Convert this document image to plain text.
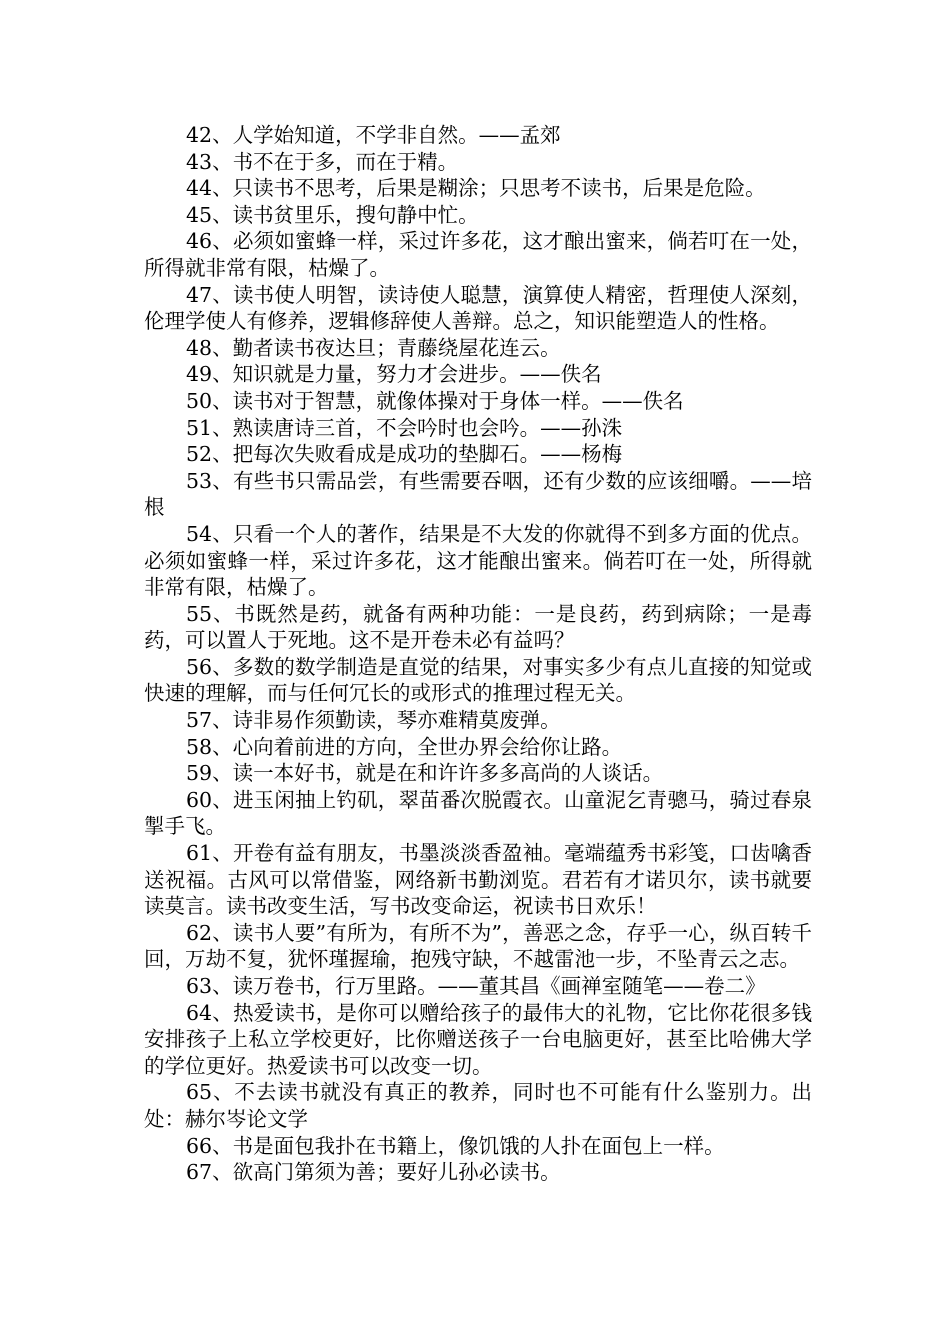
42、人学始知道，不学非自然。——孟郊

43、书不在于多，而在于精。

44、只读书不思考，后果是糊涂；只思考不读书，后果是危险。

45、读书贫里乐，搜句静中忙。

46、必须如蜜蜂一样，采过许多花，这才酿出蜜来，倘若叮在一处，所得就非常有限，枯燥了。

47、读书使人明智，读诗使人聪慧，演算使人精密，哲理使人深刻，伦理学使人有修养，逻辑修辞使人善辩。总之，知识能塑造人的性格。

48、勤者读书夜达旦；青藤绕屋花连云。

49、知识就是力量，努力才会进步。——佚名

50、读书对于智慧，就像体操对于身体一样。——佚名

51、熟读唐诗三首，不会吟时也会吟。——孙洙

52、把每次失败看成是成功的垫脚石。——杨梅

53、有些书只需品尝，有些需要吞咽，还有少数的应该细嚼。——培根

54、只看一个人的著作，结果是不大发的你就得不到多方面的优点。必须如蜜蜂一样，采过许多花，这才能酿出蜜来。倘若叮在一处，所得就非常有限，枯燥了。

55、书既然是药，就备有两种功能：一是良药，药到病除；一是毒药，可以置人于死地。这不是开卷未必有益吗？

56、多数的数学制造是直觉的结果，对事实多少有点儿直接的知觉或快速的理解，而与任何冗长的或形式的推理过程无关。

57、诗非易作须勤读，琴亦难精莫废弹。

58、心向着前进的方向，全世办界会给你让路。

59、读一本好书，就是在和许许多多高尚的人谈话。

60、进玉闲抽上钓矶，翠苗番次脱霞衣。山童泥乞青骢马，骑过春泉掣手飞。

61、开卷有益有朋友，书墨淡淡香盈袖。毫端蕴秀书彩笺，口齿噙香送祝福。古风可以常借鉴，网络新书勤浏览。君若有才诺贝尔，读书就要读莫言。读书改变生活，写书改变命运，祝读书日欢乐！

62、读书人要”有所为，有所不为”，善恶之念，存乎一心，纵百转千回，万劫不复，犹怀瑾握瑜，抱残守缺，不越雷池一步，不坠青云之志。

63、读万卷书，行万里路。——董其昌《画禅室随笔——卷二》

64、热爱读书，是你可以赠给孩子的最伟大的礼物，它比你花很多钱安排孩子上私立学校更好，比你赠送孩子一台电脑更好，甚至比哈佛大学的学位更好。热爱读书可以改变一切。

65、不去读书就没有真正的教养，同时也不可能有什么鉴别力。出处：赫尔岑论文学

66、书是面包我扑在书籍上，像饥饿的人扑在面包上一样。

67、欲高门第须为善；要好儿孙必读书。
